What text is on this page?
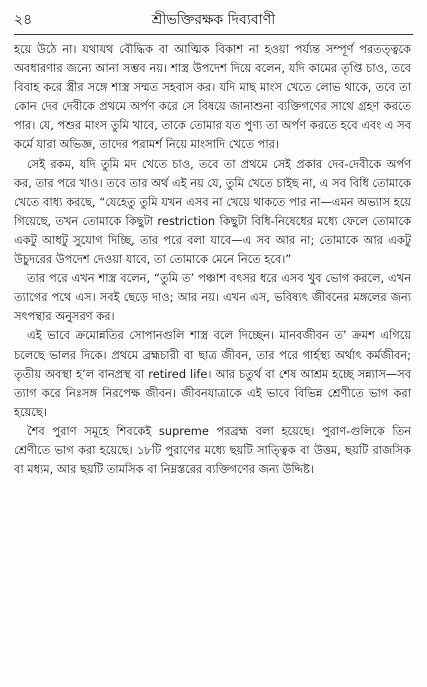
২৪	শ্রীভক্তিরক্ষক দিব্যবাণী

হয়ে উঠে না। যথাযথ বৌদ্ধিক বা আত্মিক বিকাশ না হওয়া পর্য্যন্ত সম্পূর্ণ পরতত্ত্বকে অবধারণার জন্যে আনা সম্ভব নয়। শাস্ত্র উপদেশ দিয়ে বলেন, যদি কামের তৃপ্তি চাও, তবে বিবাহ করে স্ত্রীর সঙ্গে শাস্ত্র সম্মত সহবাস কর। যদি মাছ মাংস খেতে লোভ থাকে, তবে তা কোন দেব দেবীকে প্রথমে অর্পণ করে সে বিষয়ে জানাশুনা ব্যক্তিগণের সাথে গ্রহণ করতে পার। যে, পশুর মাংস তুমি খাবে, তাকে তোমার যত পুণ্য তা অর্পণ করতে হবে এবং এ সব কর্মে যারা অভিজ্ঞ, তাদের পরামর্শ নিয়ে মাংসাদি খেতে পার।

সেই রকম, যদি তুমি মদ খেতে চাও, তবে তা প্রথমে সেই প্রকার দেব-দেবীকে অর্পণ কর, তার পরে খাও। তবে তার অর্থ এই নয় যে, তুমি খেতে চাইছ না, এ সব বিধি তোমাকে খেতে বাধ্য করছে, “যেহেতু তুমি যখন এসব না খেয়ে থাকতে পার না—এমন অভ্যাস হয়ে গিয়েছে, তখন তোমাকে কিছুটা restriction কিছুটা বিধি-নিষেধের মধ্যে ফেলে তোমাকে একটু আধটু সুযোগ দিচ্ছি, তার পরে বলা যাবে—এ সব আর না; তোমাকে আর একটু উচুদরের উপদেশ দেওয়া যাবে, তা তোমাকে মেনে নিতে হবে।”

তার পরে এখন শাস্ত্র বলেন, “তুমি ত’ পঞ্চাশ বৎসর ধরে এসব খুব ভোগ করলে, এখন ত্যাগের পথে এস। সবই ছেড়ে দাও; আর নয়। এখন এস, ভবিষ্যৎ জীবনের মঙ্গলের জন্য সৎপন্থার অনুসরণ কর।

এই ভাবে ক্রমোন্নতির সোপানগুলি শাস্ত্র বলে দিচ্ছেন। মানবজীবন ত’ ক্রমশ এগিয়ে চলেছে ভালর দিকে। প্রথমে ব্রহ্মচারী বা ছাত্র জীবন, তার পরে গার্হস্থ্য অর্থাৎ কর্মজীবন; তৃতীয় অবস্থা হ’ল বানপ্রস্থ বা retired life। আর চতুর্থ বা শেষ আশ্রম হচ্ছে সন্ন্যাস—সব ত্যাগ করে নিঃসঙ্গ নিরপেক্ষ জীবন। জীবনযাত্রাকে এই ভাবে বিভিন্ন শ্রেণীতে ভাগ করা হয়েছে।

শৈব পুরাণ সমূহে শিবকেই supreme পরব্রহ্ম বলা হয়েছে। পুরাণ-গুলিকে তিন শ্রেণীতে ভাগ করা হয়েছে। ১৮টি পুরাণের মধ্যে ছয়টি সাত্ত্বিক বা উত্তম, ছয়টি রাজসিক বা মধ্যম, আর ছয়টি তামসিক বা নিম্নস্তরের ব্যক্তিগণের জন্য উদ্দিষ্ট।
